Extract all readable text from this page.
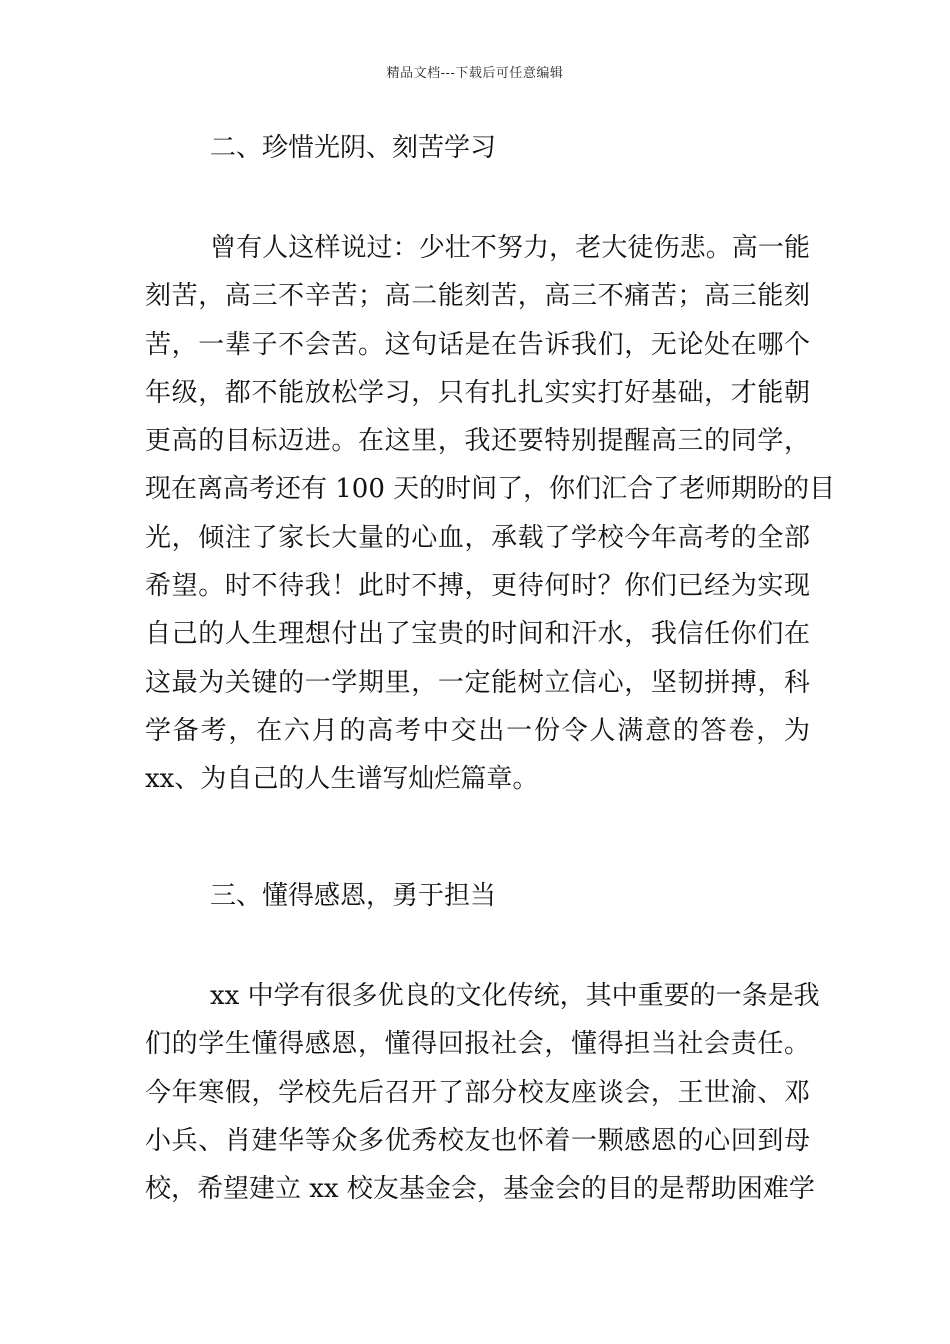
精品文档---下载后可任意编辑
二、珍惜光阴、刻苦学习
曾有人这样说过：少壮不努力，老大徒伤悲。高一能
刻苦，高三不辛苦；高二能刻苦，高三不痛苦；高三能刻
苦，一辈子不会苦。这句话是在告诉我们，无论处在哪个
年级，都不能放松学习，只有扎扎实实打好基础，才能朝
更高的目标迈进。在这里，我还要特别提醒高三的同学，
现在离高考还有 100 天的时间了，你们汇合了老师期盼的目
光，倾注了家长大量的心血，承载了学校今年高考的全部
希望。时不待我！此时不搏，更待何时？你们已经为实现
自己的人生理想付出了宝贵的时间和汗水，我信任你们在
这最为关键的一学期里，一定能树立信心，坚韧拼搏，科
学备考，在六月的高考中交出一份令人满意的答卷，为
xx、为自己的人生谱写灿烂篇章。
三、懂得感恩，勇于担当
xx 中学有很多优良的文化传统，其中重要的一条是我
们的学生懂得感恩，懂得回报社会，懂得担当社会责任。
今年寒假，学校先后召开了部分校友座谈会，王世渝、邓
小兵、肖建华等众多优秀校友也怀着一颗感恩的心回到母
校，希望建立 xx 校友基金会，基金会的目的是帮助困难学
